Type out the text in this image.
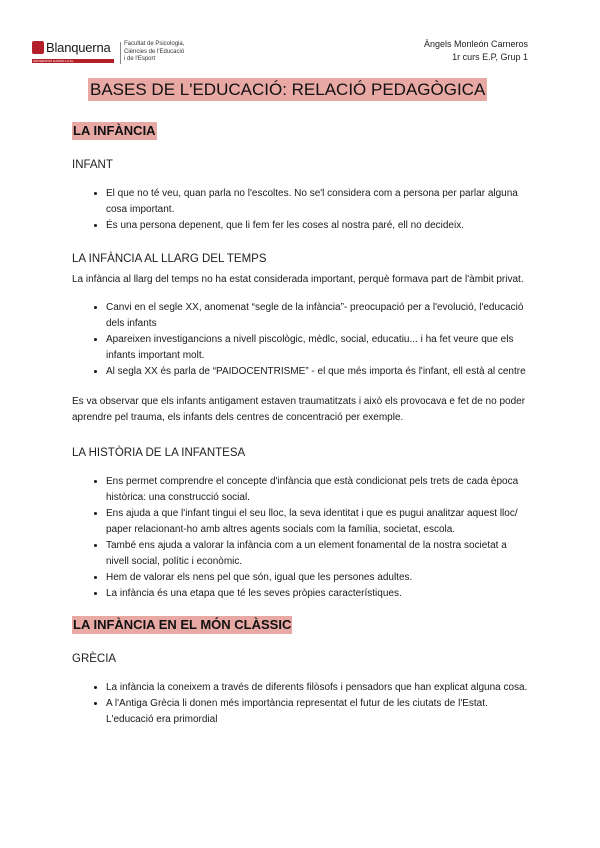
Blanquerna
UNIVERSITAT RAMON LLULL
Facultat de Psicologia,
Ciències de l'Educació
i de l'Esport
Àngels Monleón Carneros
1r curs E.P, Grup 1
BASES DE L'EDUCACIÓ: RELACIÓ PEDAGÒGICA
LA INFÀNCIA
INFANT
• El que no té veu, quan parla no l'escoltes. No se'l considera com a persona per parlar alguna cosa important.
• És una persona depenent, que li fem fer les coses al nostra paré, ell no decideix.
LA INFÀNCIA AL LLARG DEL TEMPS
La infància al llarg del temps no ha estat considerada important, perquè formava part de l'àmbit privat.
• Canvi en el segle XX, anomenat “segle de la infància”- preocupació per a l'evolució, l'educació dels infants
• Apareixen investigancions a nivell piscològic, mèdlc, social, educatiu... i ha fet veure que els infants important molt.
• Al segla XX és parla de “PAIDOCENTRISME” - el que més importa és l'infant, ell està al centre
Es va observar que els infants antigament estaven traumatitzats i això els provocava e fet de no poder aprendre pel trauma, els infants dels centres de concentració per exemple.
LA HISTÒRIA DE LA INFANTESA
• Ens permet comprendre el concepte d'infància que està condicionat pels trets de cada època històrica: una construcció social.
• Ens ajuda a que l'infant tingui el seu lloc, la seva identitat i que es pugui analitzar aquest lloc/ paper relacionant-ho amb altres agents socials com la família, societat, escola.
• També ens ajuda a valorar la infància com a un element fonamental de la nostra societat a nivell social, polític i econòmic.
• Hem de valorar els nens pel que són, igual que les persones adultes.
• La infància és una etapa que té les seves pròpies característiques.
LA INFÀNCIA EN EL MÓN CLÀSSIC
GRÈCIA
• La infància la coneixem a través de diferents filòsofs i pensadors que han explicat alguna cosa.
• A l'Antiga Grècia li donen més importància representat el futur de les ciutats de l'Estat. L'educació era primordial
